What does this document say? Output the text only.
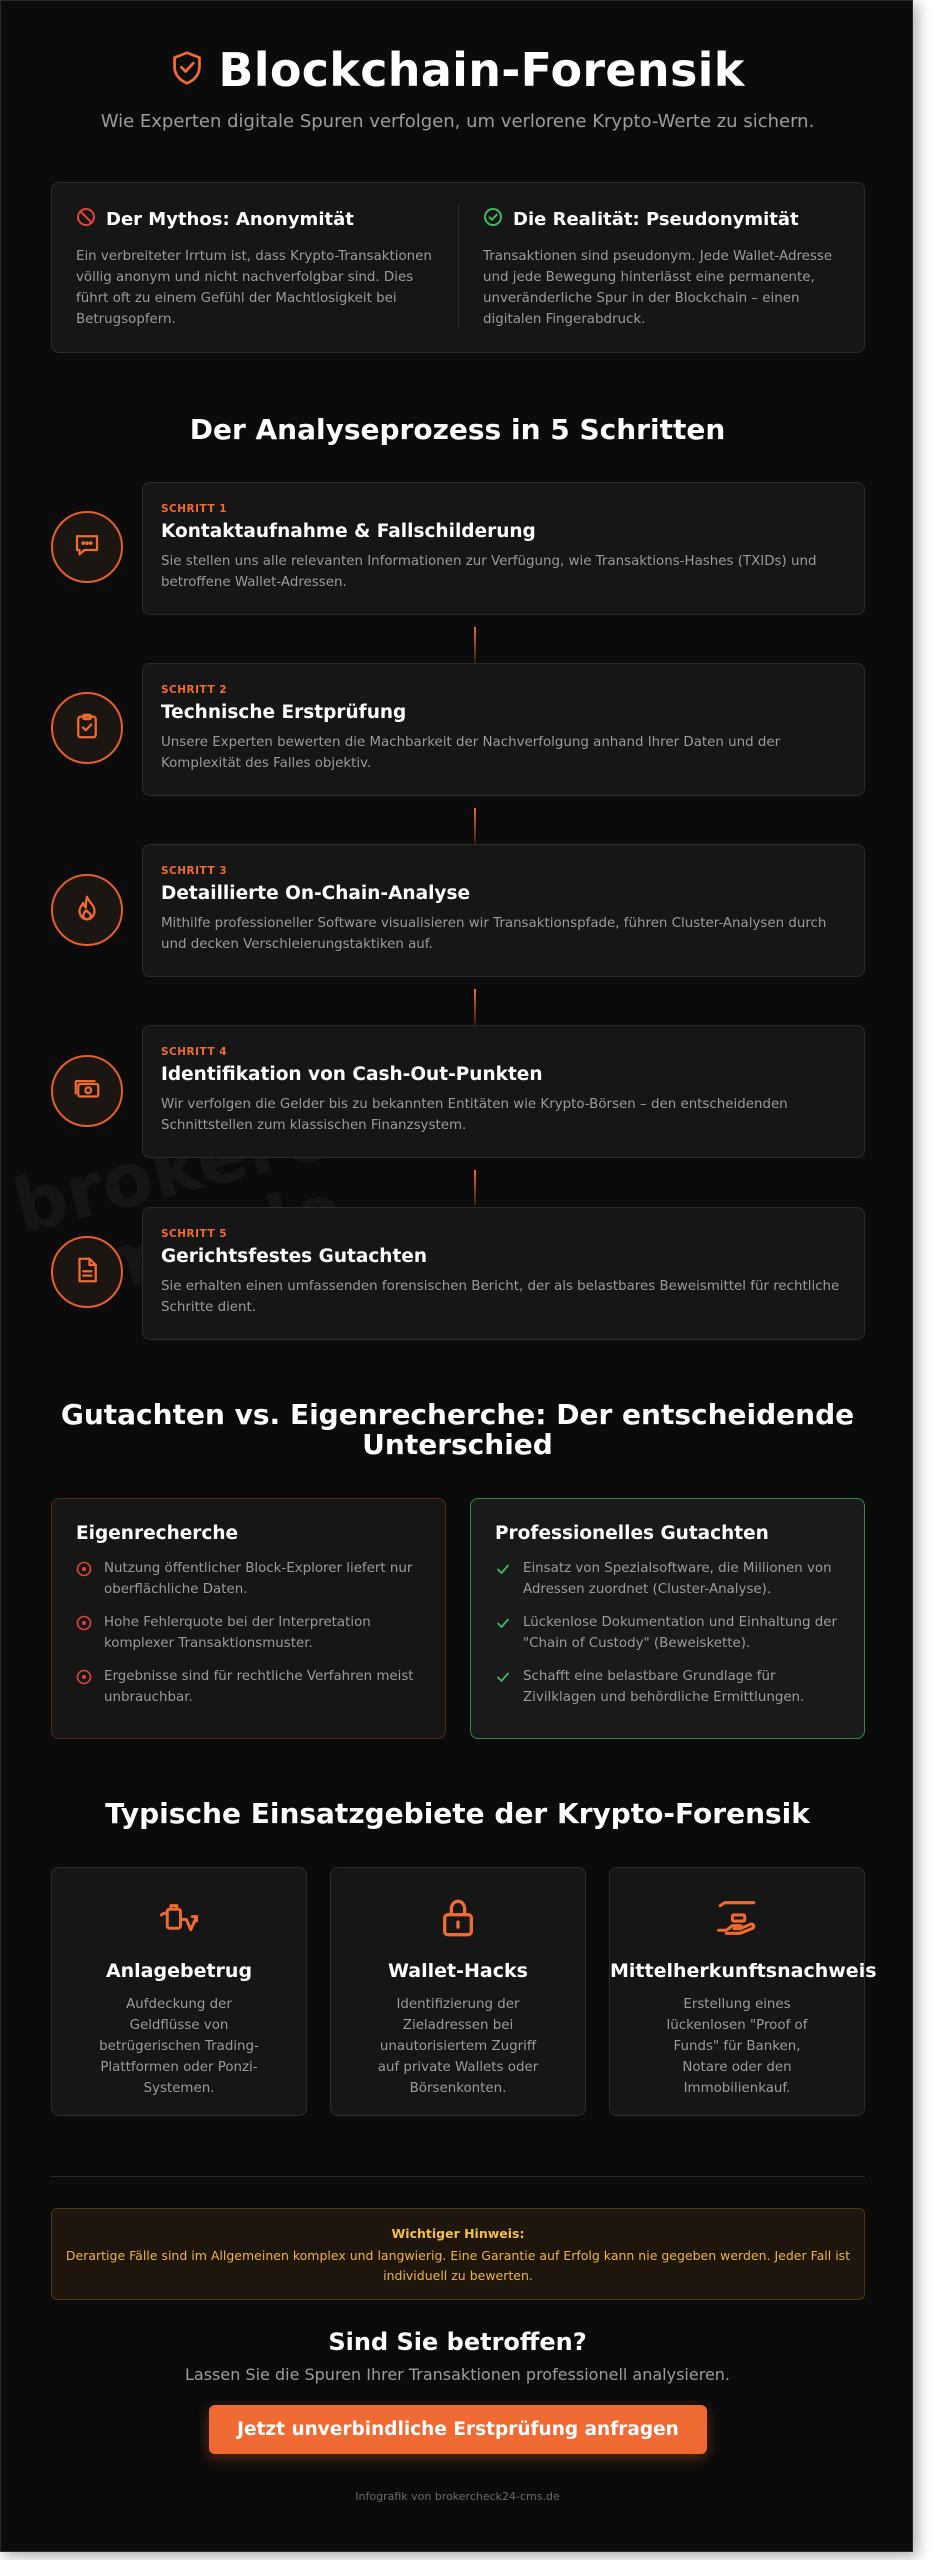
Blockchain-Forensik

Wie Experten digitale Spuren verfolgen, um verlorene Krypto-Werte zu sichern.

Der Mythos: Anonymität

Ein verbreiteter Irrtum ist, dass Krypto-Transaktionen völlig anonym und nicht nachverfolgbar sind. Dies führt oft zu einem Gefühl der Machtlosigkeit bei Betrugsopfern.

Die Realität: Pseudonymität

Transaktionen sind pseudonym. Jede Wallet-Adresse und jede Bewegung hinterlässt eine permanente, unveränderliche Spur in der Blockchain – einen digitalen Fingerabdruck.

Der Analyseprozess in 5 Schritten
SCHRITT 1
Kontaktaufnahme & Fallschilderung
Sie stellen uns alle relevanten Informationen zur Verfügung, wie Transaktions-Hashes (TXIDs) und betroffene Wallet-Adressen.
SCHRITT 2
Technische Erstprüfung
Unsere Experten bewerten die Machbarkeit der Nachverfolgung anhand Ihrer Daten und der Komplexität des Falles objektiv.
SCHRITT 3
Detaillierte On-Chain-Analyse
Mithilfe professioneller Software visualisieren wir Transaktionspfade, führen Cluster-Analysen durch und decken Verschleierungstaktiken auf.
SCHRITT 4
Identifikation von Cash-Out-Punkten
Wir verfolgen die Gelder bis zu bekannten Entitäten wie Krypto-Börsen – den entscheidenden Schnittstellen zum klassischen Finanzsystem.
SCHRITT 5
Gerichtsfestes Gutachten
Sie erhalten einen umfassenden forensischen Bericht, der als belastbares Beweismittel für rechtliche Schritte dient.
Gutachten vs. Eigenrecherche: Der entscheidende
Unterschied
Eigenrecherche
Nutzung öffentlicher Block-Explorer liefert nur oberflächliche Daten.
Hohe Fehlerquote bei der Interpretation komplexer Transaktionsmuster.
Ergebnisse sind für rechtliche Verfahren meist unbrauchbar.
Professionelles Gutachten
Einsatz von Spezialsoftware, die Millionen von Adressen zuordnet (Cluster-Analyse).
Lückenlose Dokumentation und Einhaltung der "Chain of Custody" (Beweiskette).
Schafft eine belastbare Grundlage für Zivilklagen und behördliche Ermittlungen.
Typische Einsatzgebiete der Krypto-Forensik
Anlagebetrug

Aufdeckung der Geldflüsse von betrügerischen Trading-Plattformen oder Ponzi-Systemen.

Wallet-Hacks

Identifizierung der Zieladressen bei unautorisiertem Zugriff auf private Wallets oder Börsenkonten.

Mittelherkunftsnachweis

Erstellung eines lückenlosen "Proof of Funds" für Banken, Notare oder den Immobilienkauf.

Wichtiger Hinweis:
Derartige Fälle sind im Allgemeinen komplex und langwierig. Eine Garantie auf Erfolg kann nie gegeben werden. Jeder Fall ist individuell zu bewerten.
Sind Sie betroffen?

Lassen Sie die Spuren Ihrer Transaktionen professionell analysieren.

Jetzt unverbindliche Erstprüfung anfragen
Infografik von brokercheck24-cms.de
